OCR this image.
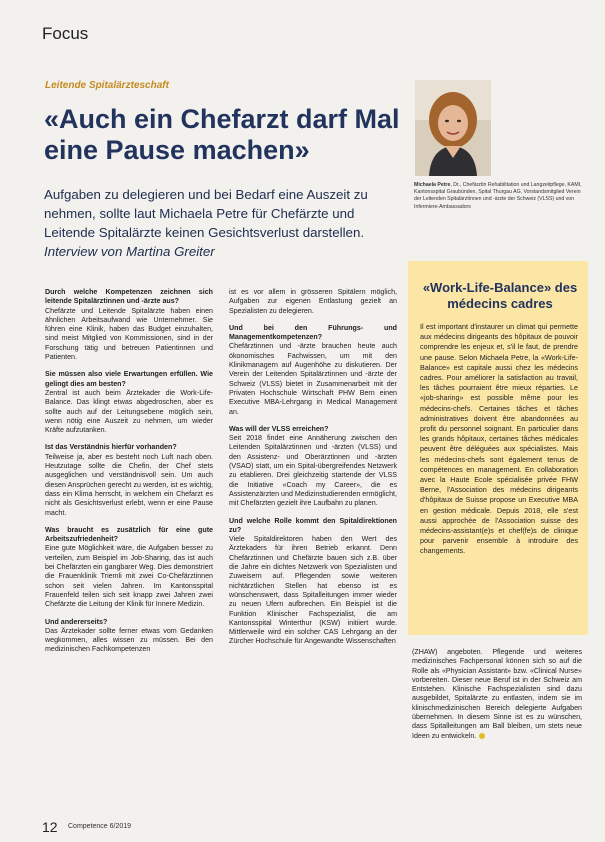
Focus
Leitende Spitalärzteschaft
«Auch ein Chefarzt darf Mal eine Pause machen»
Aufgaben zu delegieren und bei Bedarf eine Auszeit zu nehmen, sollte laut Michaela Petre für Chefärzte und Leitende Spitalärzte keinen Gesichtsverlust darstellen. Interview von Martina Greiter
Michaela Petre, Dr., Chefärztin Rehabilitation und Langzeitpflege, KAMI, Kantonsspital Graubünden, Spital Thurgau AG, Vorstandsmitglied Verein der Leitenden Spitalärztinnen und -ärzte der Schweiz (VLSS) und von Infermiere-Ambassadors
«Work-Life-Balance» des médecins cadres
Il est important d'instaurer un climat qui permette aux médecins dirigeants des hôpitaux de pouvoir comprendre les enjeux et, s'il le faut, de prendre une pause. Selon Michaela Petre, la «Work-Life-Balance» est capitale aussi chez les médecins cadres. Pour améliorer la satisfaction au travail, les tâches pourraient être mieux réparties. Le «job-sharing» est possible même pour les médecins-chefs. Certaines tâches et tâches administratives doivent être abandonnées au profit du personnel soignant. En particulier dans les grands hôpitaux, certaines tâches médicales peuvent être déléguées aux spécialistes. Mais les médecins-chefs sont également tenus de compétences en management. En collaboration avec la Haute Ecole spécialisée privée FHW Berne, l'Association des médecins dirigeants d'hôpitaux de Suisse propose un Executive MBA en gestion médicale. Depuis 2018, elle s'est aussi approchée de l'Association suisse des médecins-assistant(e)s et chef(fe)s de clinique pour parvenir ensemble à introduire des changements.

Durch welche Kompetenzen zeichnen sich leitende Spitalärztinnen und -ärzte aus?

Chefärzte und Leitende Spitalärzte haben einen ähnlichen Arbeitsaufwand wie Unternehmer. Sie führen eine Klinik, haben das Budget einzuhalten, sind meist Mitglied von Kommissionen, sind in der Forschung tätig und betreuen Patientinnen und Patienten.

Sie müssen also viele Erwartungen erfüllen. Wie gelingt dies am besten?

Zentral ist auch beim Ärztekader die Work-Life-Balance. Das klingt etwas abgedroschen, aber es sollte auch auf der Leitungsebene möglich sein, wenn nötig eine Auszeit zu nehmen, um wieder Kräfte aufzutanken.

Ist das Verständnis hierfür vorhanden?

Teilweise ja, aber es besteht noch Luft nach oben. Heutzutage sollte die Chefin, der Chef stets ausgeglichen und verständnisvoll sein. Um auch diesen Ansprüchen gerecht zu werden, ist es wichtig, dass ein Klima herrscht, in welchem ein Chefarzt es nicht als Gesichtsverlust erlebt, wenn er eine Pause macht.

Was braucht es zusätzlich für eine gute Arbeitszufriedenheit?

Eine gute Möglichkeit wäre, die Aufgaben besser zu verteilen, zum Beispiel im Job-Sharing, das ist auch bei Chefärzten ein gangbarer Weg. Dies demonstriert die Frauenklinik Triemli mit zwei Co-Chefärztinnen schon seit vielen Jahren. Im Kantonsspital Frauenfeld teilen sich seit knapp zwei Jahren zwei Chefärzte die Leitung der Klinik für Innere Medizin.

Und andererseits?

Das Ärztekader sollte ferner etwas vom Gedanken wegkommen, alles wissen zu müssen. Bei den medizinischen Fachkompetenzen

ist es vor allem in grösseren Spitälern möglich, Aufgaben zur eigenen Entlastung gezielt an Spezialisten zu delegieren.

Und bei den Führungs- und Managementkompetenzen?

Chefärztinnen und -ärzte brauchen heute auch ökonomisches Fachwissen, um mit den Klinikmanagern auf Augenhöhe zu diskutieren. Der Verein der Leitenden Spitalärztinnen und -ärzte der Schweiz (VLSS) bietet in Zusammenarbeit mit der Privaten Hochschule Wirtschaft PHW Bern einen Executive MBA-Lehrgang in Medical Management an.

Was will der VLSS erreichen?

Seit 2018 findet eine Annäherung zwischen den Leitenden Spitalärztinnen und -ärzten (VLSS) und den Assistenz- und Oberärztinnen und -ärzten (VSAO) statt, um ein Spital-übergreifendes Netzwerk zu etablieren. Drei gleichzeitig startende der VLSS die Initiative «Coach my Career», die es Assistenzärzten und Medizinstudierenden ermöglicht, mit Chefärzten gezielt ihre Laufbahn zu planen.

Und welche Rolle kommt den Spitaldirektionen zu?

Viele Spitaldirektoren haben den Wert des Ärztekaders für ihren Betrieb erkannt. Denn Chefärztinnen und Chefärzte bauen sich z.B. über die Jahre ein dichtes Netzwerk von Spezialisten und Zuweisern auf. Pflegenden sowie weiteren nichtärztlichen Stellen hat ebenso ist es wünschenswert, dass Spitalleitungen immer wieder zu neuen Ufern aufbrechen. Ein Beispiel ist die Funktion Klinischer Fachspezialist, die am Kantonsspital Winterthur (KSW) initiiert wurde. Mittlerweile wird ein solcher CAS Lehrgang an der Zürcher Hochschule für Angewandte Wissenschaften

(ZHAW) angeboten. Pflegende und weiteres medizinisches Fachpersonal können sich so auf die Rolle als «Physician Assistant» bzw. «Clinical Nurse» vorbereiten. Dieser neue Beruf ist in der Schweiz am Entstehen. Klinische Fachspezialisten sind dazu ausgebildet, Spitalärzte zu entlasten, indem sie im klinischmedizinischen Bereich delegierte Aufgaben übernehmen. In diesem Sinne ist es zu wünschen, dass Spitalleitungen am Ball bleiben, um stets neue Ideen zu entwickeln.

12 Competence 6/2019
